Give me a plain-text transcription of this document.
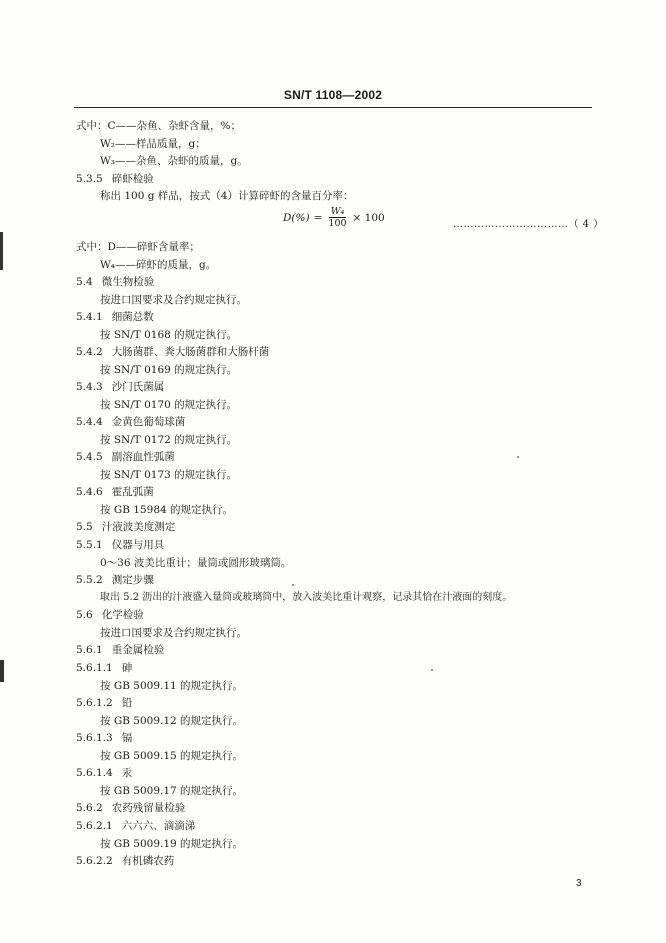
SN/T 1108—2002
式中：C——杂鱼、杂虾含量，%；
W₂——样品质量，g；
W₃——杂鱼、杂虾的质量，g。
5.3.5 碎虾检验
称出 100 g 样品，按式（4）计算碎虾的含量百分率：
$D(\%) = \frac{\text{W₄}}{100} \times 100$
……………………………（ 4 ）
式中：D——碎虾含量率；
W₄——碎虾的质量，g。
5.4 微生物检验
按进口国要求及合约规定执行。
5.4.1 细菌总数
按 SN/T 0168 的规定执行。
5.4.2 大肠菌群、粪大肠菌群和大肠杆菌
按 SN/T 0169 的规定执行。
5.4.3 沙门氏菌属
按 SN/T 0170 的规定执行。
5.4.4 金黄色葡萄球菌
按 SN/T 0172 的规定执行。
5.4.5 副溶血性弧菌
按 SN/T 0173 的规定执行。
5.4.6 霍乱弧菌
按 GB 15984 的规定执行。
5.5 汁液波美度测定
5.5.1 仪器与用具
0～36 波美比重计；量筒或圆形玻璃筒。
5.5.2 测定步骤
取出 5.2 沥出的汁液盛入量筒或玻璃筒中，放入波美比重计观察，记录其恰在汁液面的刻度。
5.6 化学检验
按进口国要求及合约规定执行。
5.6.1 重金属检验
5.6.1.1 砷
按 GB 5009.11 的规定执行。
5.6.1.2 铅
按 GB 5009.12 的规定执行。
5.6.1.3 镉
按 GB 5009.15 的规定执行。
5.6.1.4 汞
按 GB 5009.17 的规定执行。
5.6.2 农药残留量检验
5.6.2.1 六六六、滴滴涕
按 GB 5009.19 的规定执行。
5.6.2.2 有机磷农药
3
